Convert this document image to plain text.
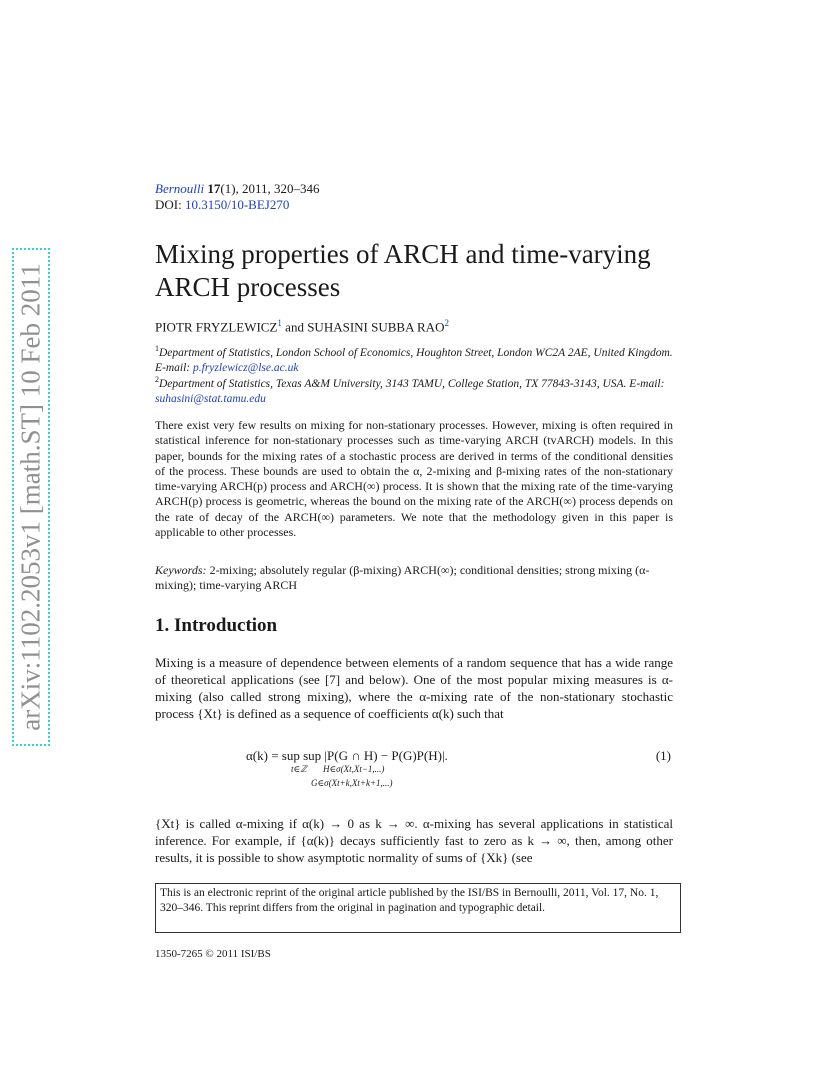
arXiv:1102.2053v1 [math.ST] 10 Feb 2011
Bernoulli 17(1), 2011, 320–346
DOI: 10.3150/10-BEJ270
Mixing properties of ARCH and time-varying ARCH processes
PIOTR FRYZLEWICZ$^1$ and SUHASINI SUBBA RAO$^2$
$^1$Department of Statistics, London School of Economics, Houghton Street, London WC2A 2AE, United Kingdom. E-mail: p.fryzlewicz@lse.ac.uk
$^2$Department of Statistics, Texas A&M University, 3143 TAMU, College Station, TX 77843-3143, USA. E-mail: suhasini@stat.tamu.edu

There exist very few results on mixing for non-stationary processes. However, mixing is often required in statistical inference for non-stationary processes such as time-varying ARCH (tvARCH) models. In this paper, bounds for the mixing rates of a stochastic process are derived in terms of the conditional densities of the process. These bounds are used to obtain the α, 2-mixing and β-mixing rates of the non-stationary time-varying ARCH(p) process and ARCH(∞) process. It is shown that the mixing rate of the time-varying ARCH(p) process is geometric, whereas the bound on the mixing rate of the ARCH(∞) process depends on the rate of decay of the ARCH(∞) parameters. We note that the methodology given in this paper is applicable to other processes.

Keywords: 2-mixing; absolutely regular (β-mixing) ARCH(∞); conditional densities; strong mixing (α-mixing); time-varying ARCH

1. Introduction

Mixing is a measure of dependence between elements of a random sequence that has a wide range of theoretical applications (see [7] and below). One of the most popular mixing measures is α-mixing (also called strong mixing), where the α-mixing rate of the non-stationary stochastic process {Xt} is defined as a sequence of coefficients α(k) such that

α(k) = sup sup |P(G ∩ H) − P(G)P(H)|.
t∈ℤ H∈σ(Xt,Xt−1,...)
G∈σ(Xt+k,Xt+k+1,...)
(1)

{Xt} is called α-mixing if α(k) → 0 as k → ∞. α-mixing has several applications in statistical inference. For example, if {α(k)} decays sufficiently fast to zero as k → ∞, then, among other results, it is possible to show asymptotic normality of sums of {Xk} (see

This is an electronic reprint of the original article published by the ISI/BS in Bernoulli, 2011, Vol. 17, No. 1, 320–346. This reprint differs from the original in pagination and typographic detail.

1350-7265 © 2011 ISI/BS
